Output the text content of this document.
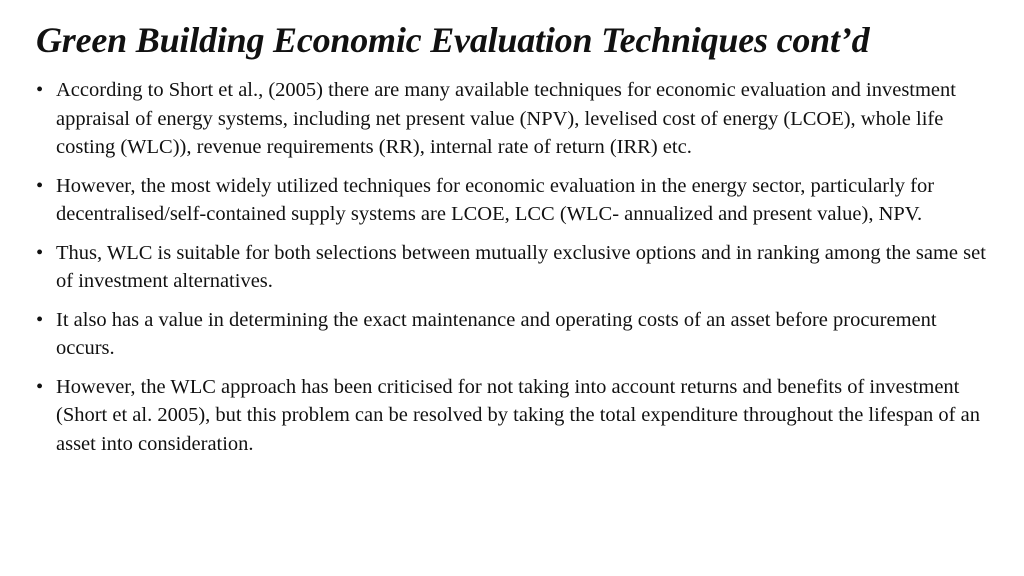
Green Building Economic Evaluation Techniques cont’d
• According to Short et al., (2005) there are many available techniques for economic evaluation and investment appraisal of energy systems, including net present value (NPV), levelised cost of energy (LCOE), whole life costing (WLC)), revenue requirements (RR), internal rate of return (IRR) etc.
• However, the most widely utilized techniques for economic evaluation in the energy sector, particularly for decentralised/self-contained supply systems are LCOE, LCC (WLC- annualized and present value), NPV.
• Thus, WLC is suitable for both selections between mutually exclusive options and in ranking among the same set of investment alternatives.
• It also has a value in determining the exact maintenance and operating costs of an asset before procurement occurs.
• However, the WLC approach has been criticised for not taking into account returns and benefits of investment (Short et al. 2005), but this problem can be resolved by taking the total expenditure throughout the lifespan of an asset into consideration.
